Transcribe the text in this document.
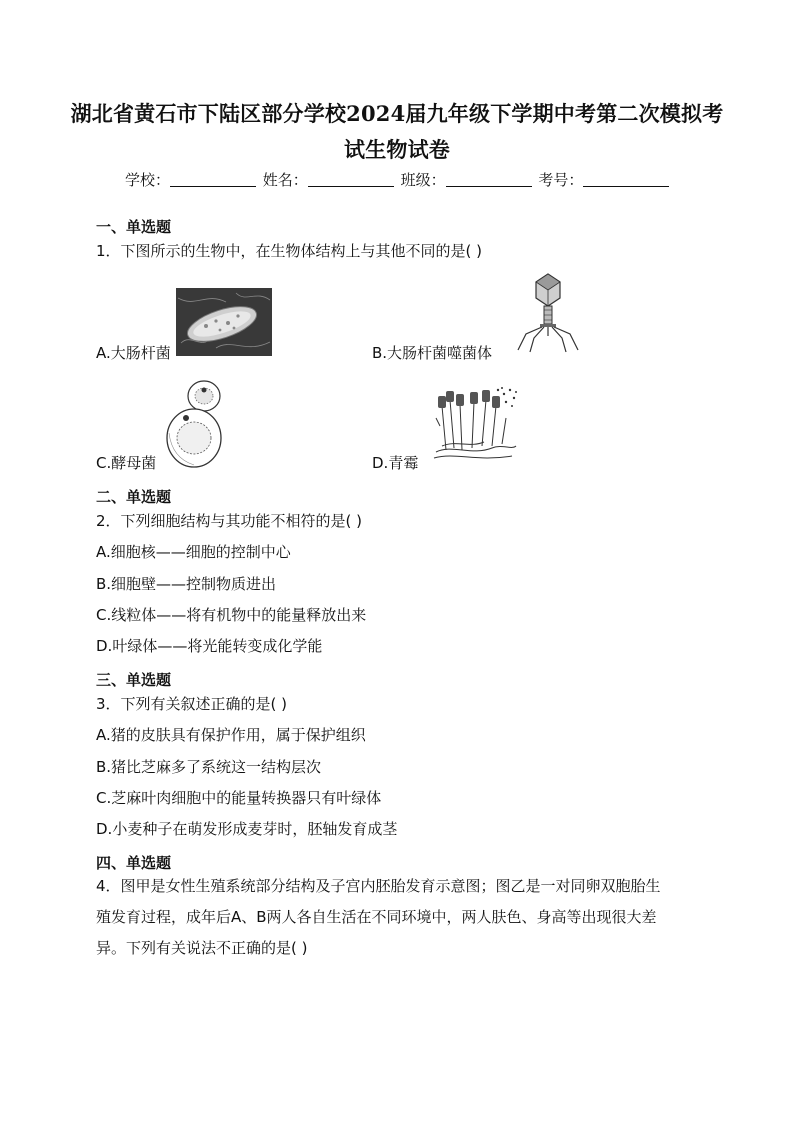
湖北省黄石市下陆区部分学校2024届九年级下学期中考第二次模拟考
试生物试卷
学校：	姓名：	班级：	考号：
一、单选题
1．下图所示的生物中，在生物体结构上与其他不同的是( )
A.大肠杆菌	B.大肠杆菌噬菌体
C.酵母菌	D.青霉
二、单选题
2．下列细胞结构与其功能不相符的是( )
A.细胞核——细胞的控制中心
B.细胞壁——控制物质进出
C.线粒体——将有机物中的能量释放出来
D.叶绿体——将光能转变成化学能
三、单选题
3．下列有关叙述正确的是( )
A.猪的皮肤具有保护作用，属于保护组织
B.猪比芝麻多了系统这一结构层次
C.芝麻叶肉细胞中的能量转换器只有叶绿体
D.小麦种子在萌发形成麦芽时，胚轴发育成茎
四、单选题
4．图甲是女性生殖系统部分结构及子宫内胚胎发育示意图；图乙是一对同卵双胞胎生
殖发育过程，成年后A、B两人各自生活在不同环境中，两人肤色、身高等出现很大差
异。下列有关说法不正确的是( )
